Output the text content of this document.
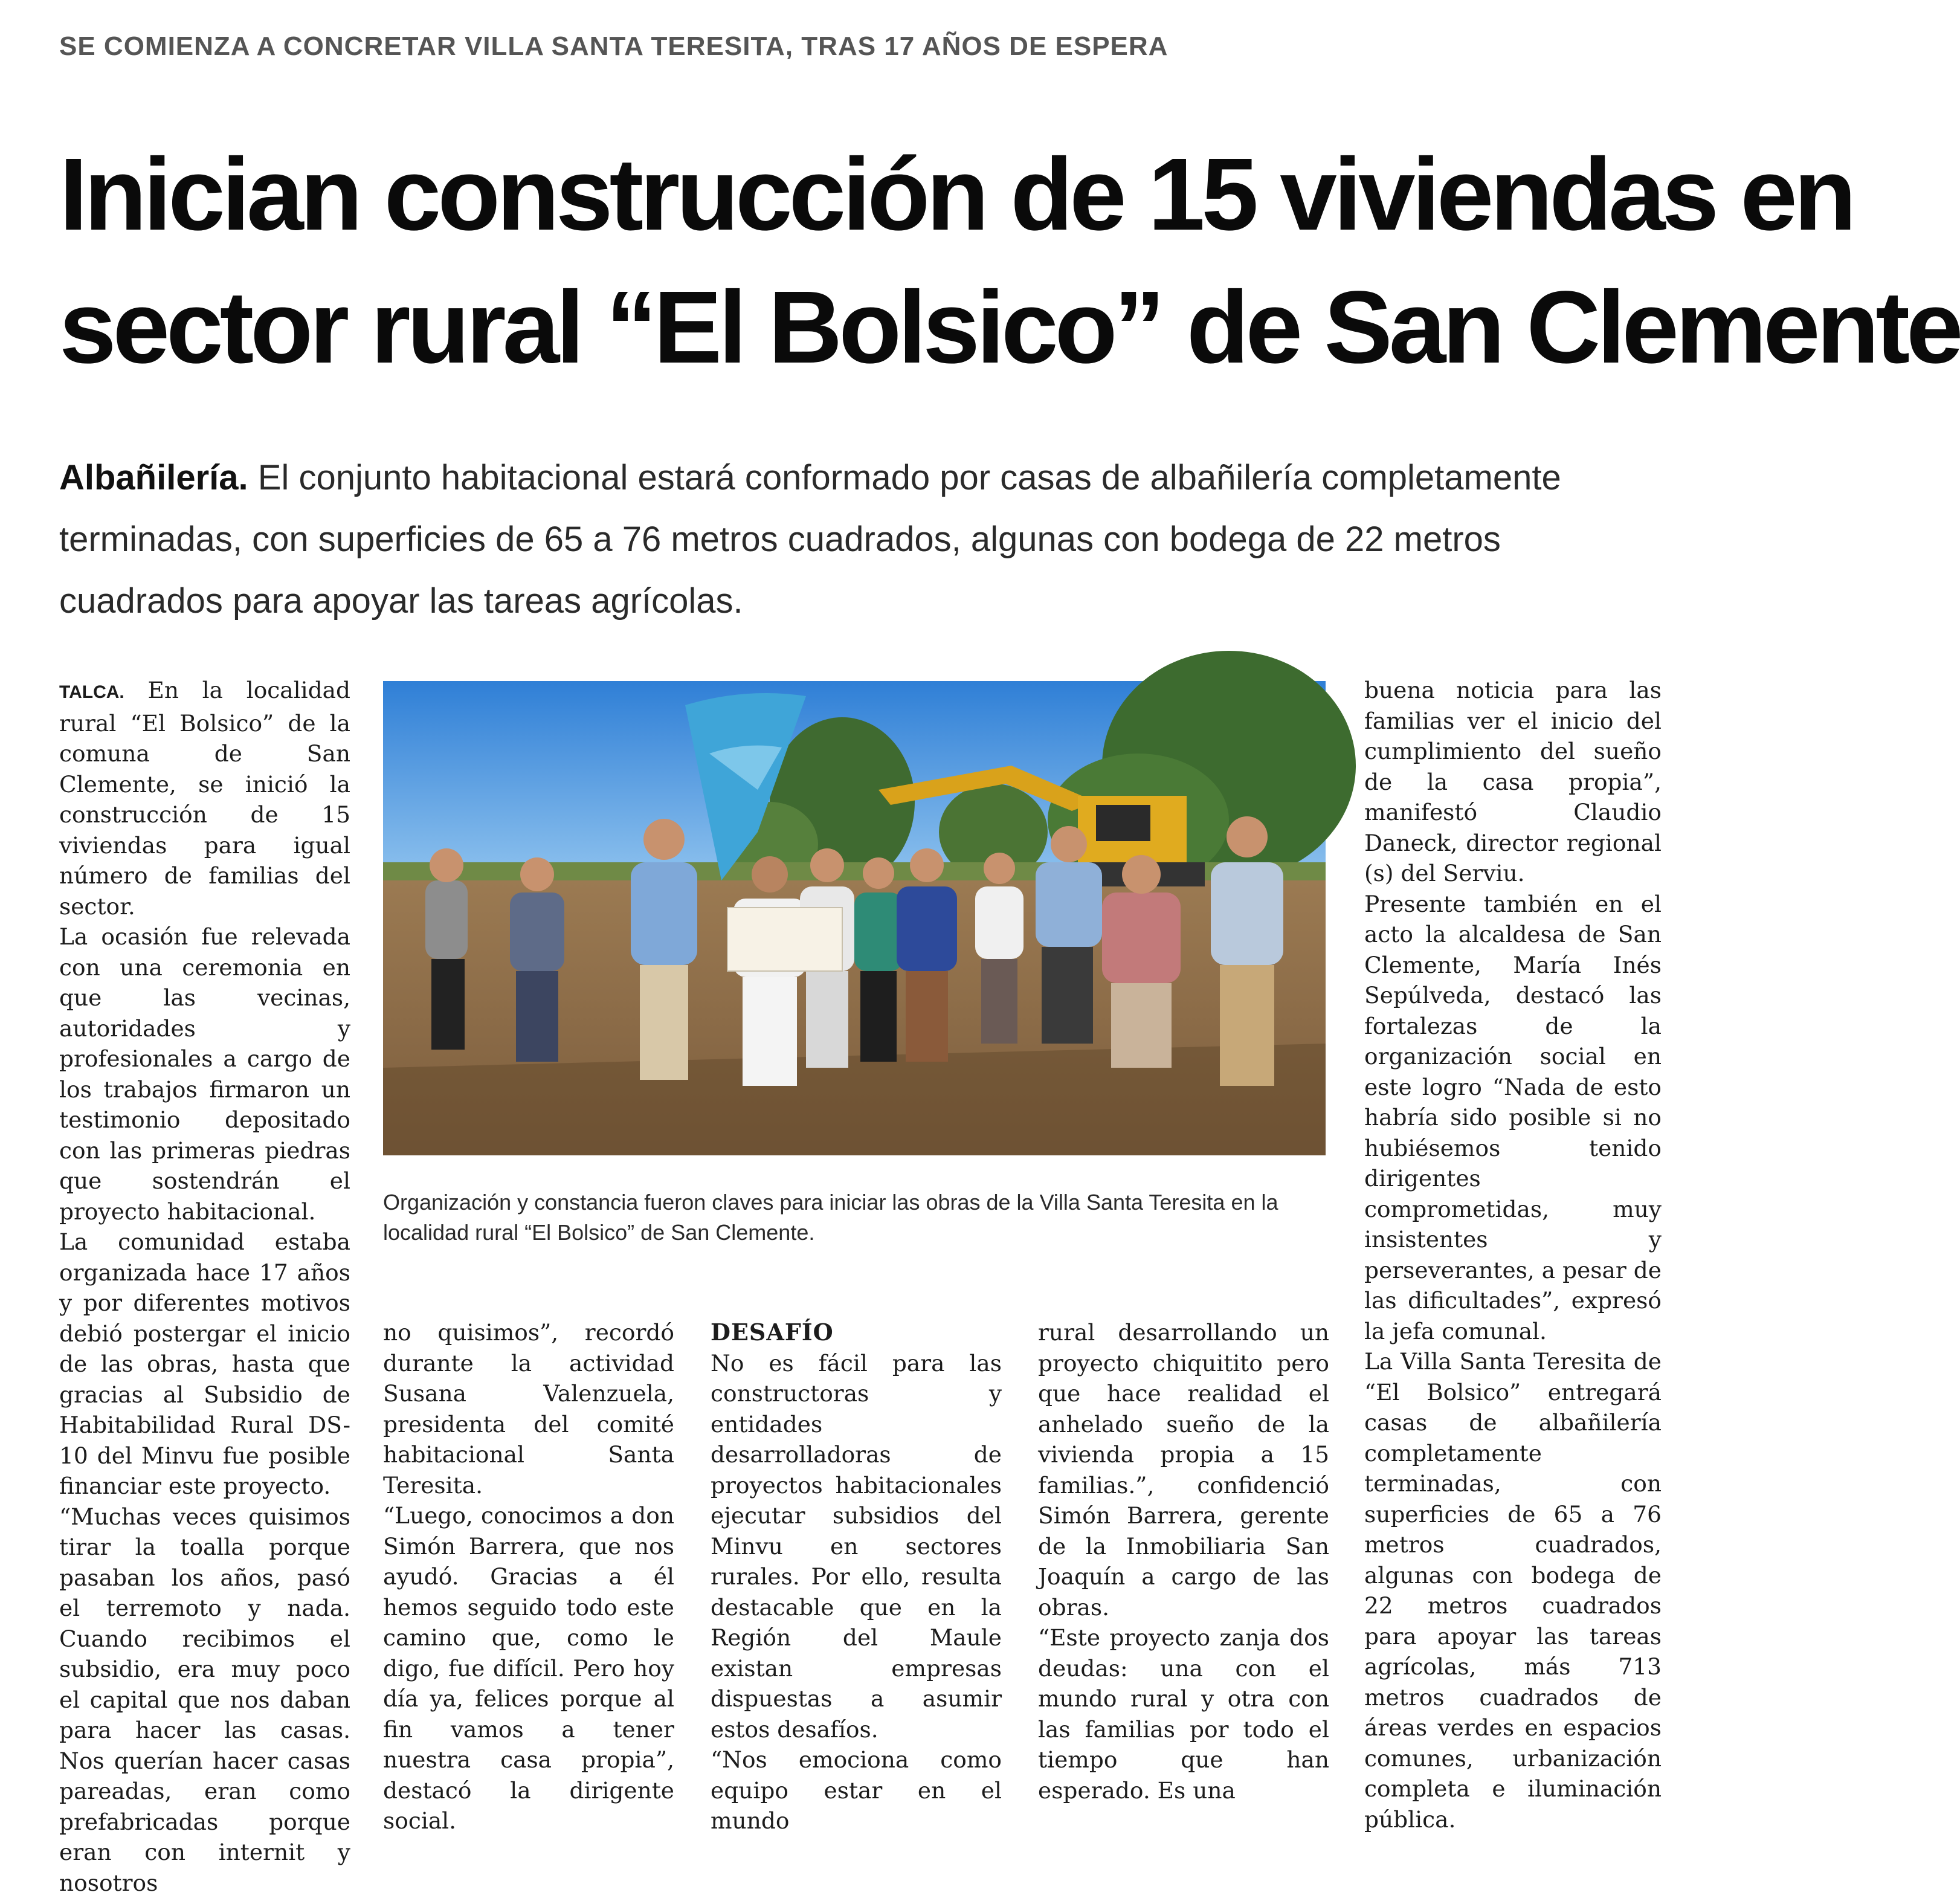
SE COMIENZA A CONCRETAR VILLA SANTA TERESITA, TRAS 17 AÑOS DE ESPERA
Inician construcción de 15 viviendas en
sector rural “El Bolsico” de San Clemente
Albañilería. El conjunto habitacional estará conformado por casas de albañilería completamente terminadas, con superficies de 65 a 76 metros cuadrados, algunas con bodega de 22 metros cuadrados para apoyar las tareas agrícolas.

TALCA. En la localidad rural “El Bolsico” de la comuna de San Clemente, se inició la construcción de 15 viviendas para igual número de familias del sector.

La ocasión fue relevada con una ceremonia en que las vecinas, autoridades y profesionales a cargo de los trabajos firmaron un testimonio depositado con las primeras piedras que sostendrán el proyecto habitacional.

La comunidad estaba organizada hace 17 años y por diferentes motivos debió postergar el inicio de las obras, hasta que gracias al Subsidio de Habitabilidad Rural DS-10 del Minvu fue posible financiar este proyecto.

“Muchas veces quisimos tirar la toalla porque pasaban los años, pasó el terremoto y nada. Cuando recibimos el subsidio, era muy poco el capital que nos daban para hacer las casas. Nos querían hacer casas pareadas, eran como prefabricadas porque eran con internit y nosotros

Organización y constancia fueron claves para iniciar las obras de la Villa Santa Teresita en la localidad rural “El Bolsico” de San Clemente.

no quisimos”, recordó durante la actividad Susana Valenzuela, presidenta del comité habitacional Santa Teresita.

“Luego, conocimos a don Simón Barrera, que nos ayudó. Gracias a él hemos seguido todo este camino que, como le digo, fue difícil. Pero hoy día ya, felices porque al fin vamos a tener nuestra casa propia”, destacó la dirigente social.

DESAFÍO

No es fácil para las constructoras y entidades desarrolladoras de proyectos habitacionales ejecutar subsidios del Minvu en sectores rurales. Por ello, resulta destacable que en la Región del Maule existan empresas dispuestas a asumir estos desafíos.

“Nos emociona como equipo estar en el mundo

rural desarrollando un proyecto chiquitito pero que hace realidad el anhelado sueño de la vivienda propia a 15 familias.”, confidenció Simón Barrera, gerente de la Inmobiliaria San Joaquín a cargo de las obras.

“Este proyecto zanja dos deudas: una con el mundo rural y otra con las familias por todo el tiempo que han esperado. Es una

buena noticia para las familias ver el inicio del cumplimiento del sueño de la casa propia”, manifestó Claudio Daneck, director regional (s) del Serviu.

Presente también en el acto la alcaldesa de San Clemente, María Inés Sepúlveda, destacó las fortalezas de la organización social en este logro “Nada de esto habría sido posible si no hubiésemos tenido dirigentes comprometidas, muy insistentes y perseverantes, a pesar de las dificultades”, expresó la jefa comunal.

La Villa Santa Teresita de “El Bolsico” entregará casas de albañilería completamente terminadas, con superficies de 65 a 76 metros cuadrados, algunas con bodega de 22 metros cuadrados para apoyar las tareas agrícolas, más 713 metros cuadrados de áreas verdes en espacios comunes, urbanización completa e iluminación pública.
